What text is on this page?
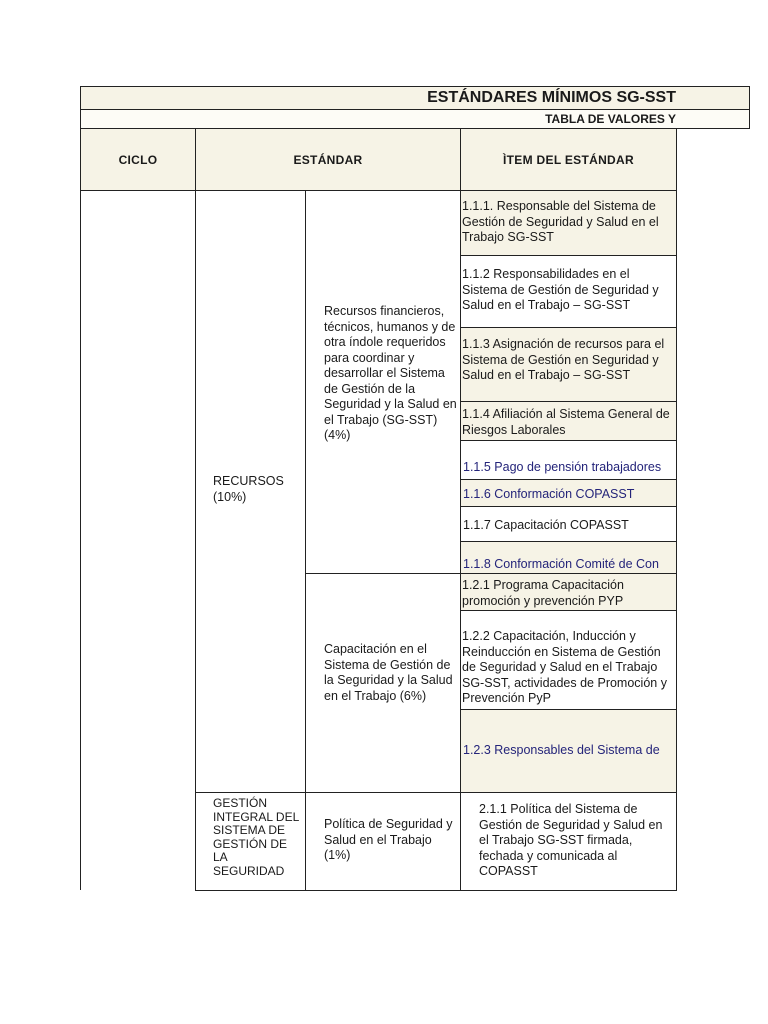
ESTÁNDARES MÍNIMOS SG-SST
TABLA DE VALORES Y
CICLO	ESTÁNDAR	ÌTEM DEL ESTÁNDAR
RECURSOS
(10%)
GESTIÓN
INTEGRAL DEL
SISTEMA DE
GESTIÓN DE
LA
SEGURIDAD
Recursos financieros, técnicos, humanos y de otra índole requeridos para coordinar y desarrollar el Sistema de Gestión de la Seguridad y la Salud en el Trabajo (SG-SST) (4%)
Capacitación en el Sistema de Gestión de la Seguridad y la Salud en el Trabajo (6%)
Política de Seguridad y Salud en el Trabajo (1%)
1.1.1. Responsable del Sistema de Gestión de Seguridad y Salud en el Trabajo SG-SST
1.1.2 Responsabilidades en el Sistema de Gestión de Seguridad y Salud en el Trabajo – SG-SST
1.1.3 Asignación de recursos para el Sistema de Gestión en Seguridad y Salud en el Trabajo – SG-SST
1.1.4 Afiliación al Sistema General de Riesgos Laborales
1.1.5 Pago de pensión trabajadores
1.1.6 Conformación COPASST
1.1.7 Capacitación COPASST
1.1.8 Conformación Comité de Con
1.2.1 Programa Capacitación promoción y prevención PYP
1.2.2 Capacitación, Inducción y Reinducción en Sistema de Gestión de Seguridad y Salud en el Trabajo SG-SST, actividades de Promoción y Prevención PyP
1.2.3 Responsables del Sistema de
2.1.1 Política del Sistema de Gestión de Seguridad y Salud en el Trabajo SG-SST firmada, fechada y comunicada al COPASST
